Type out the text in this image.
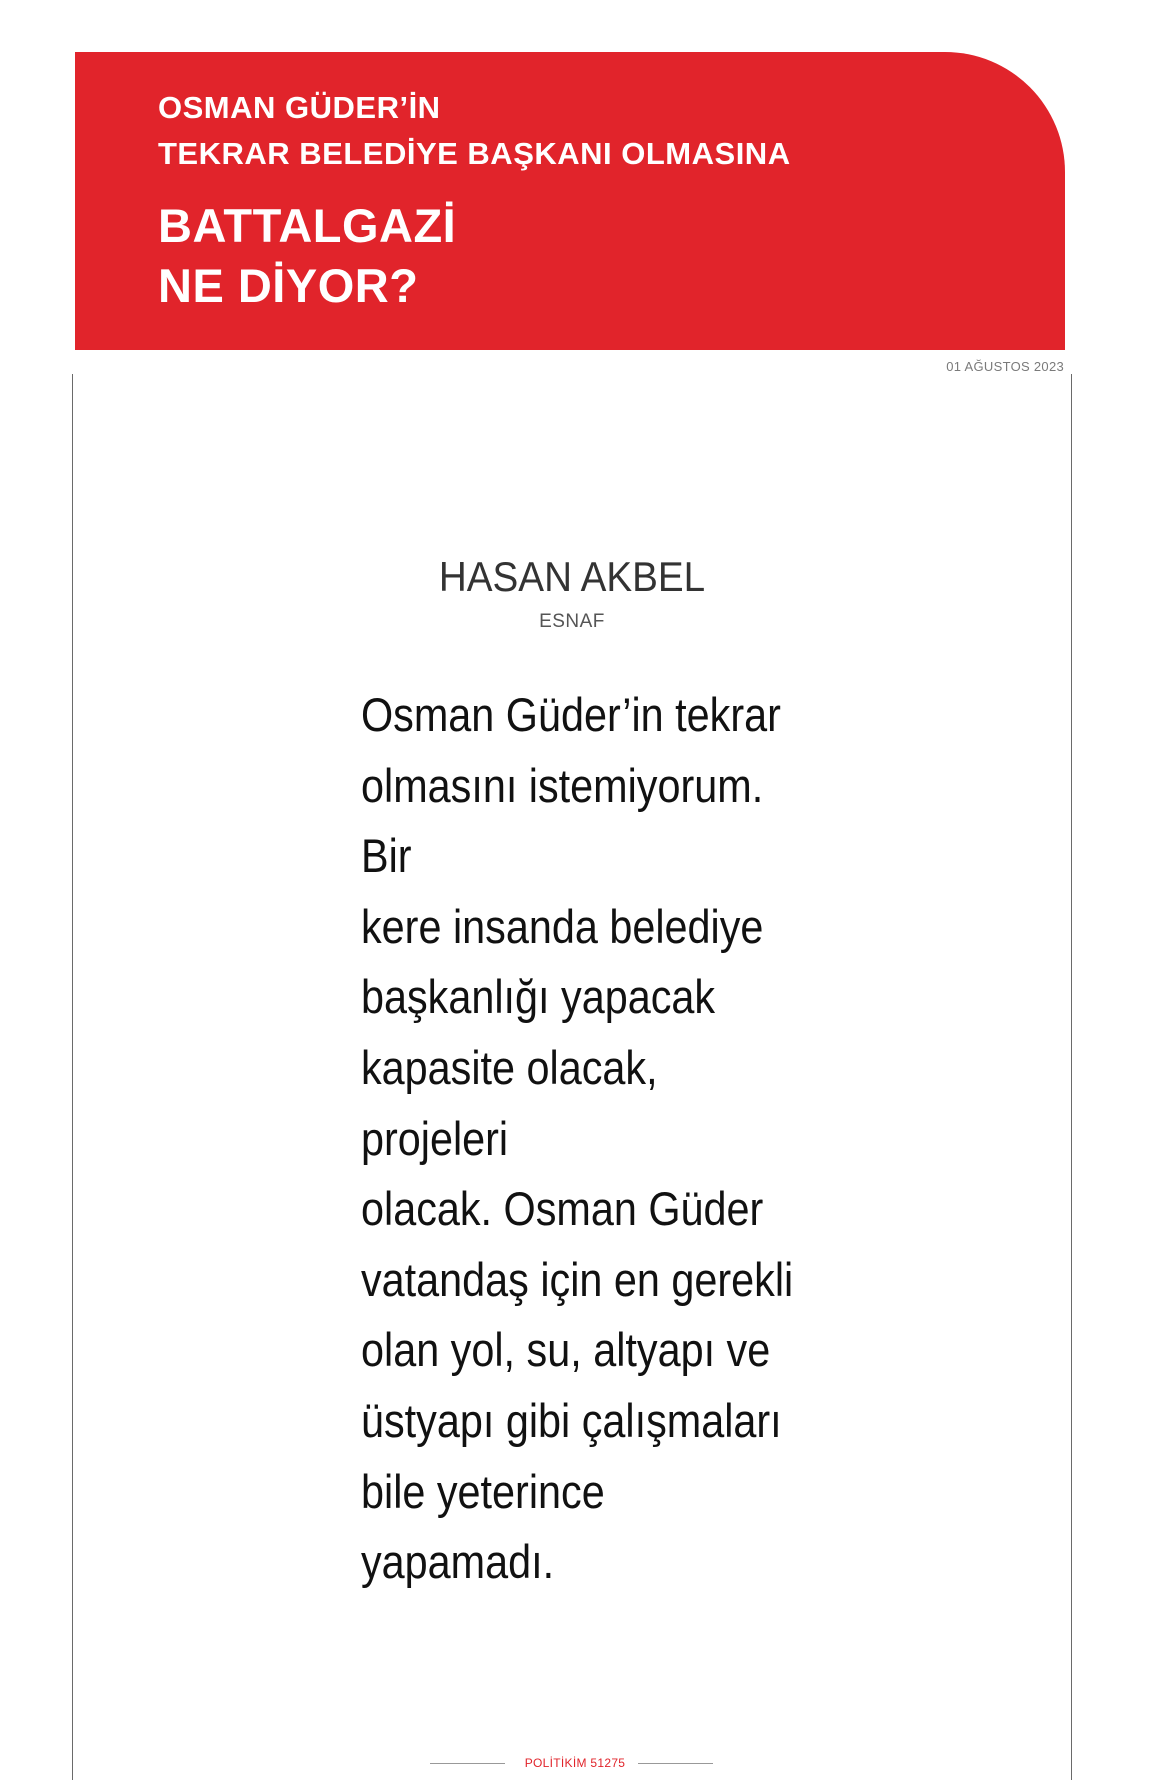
OSMAN GÜDER’İN
TEKRAR BELEDİYE BAŞKANI OLMASINA
BATTALGAZİ
NE DİYOR?
01 AĞUSTOS 2023
HASAN AKBEL
ESNAF
Osman Güder’in tekrar
olmasını istemiyorum. Bir
kere insanda belediye
başkanlığı yapacak
kapasite olacak, projeleri
olacak. Osman Güder
vatandaş için en gerekli
olan yol, su, altyapı ve
üstyapı gibi çalışmaları
bile yeterince yapamadı.
POLİTİKİM 51275
